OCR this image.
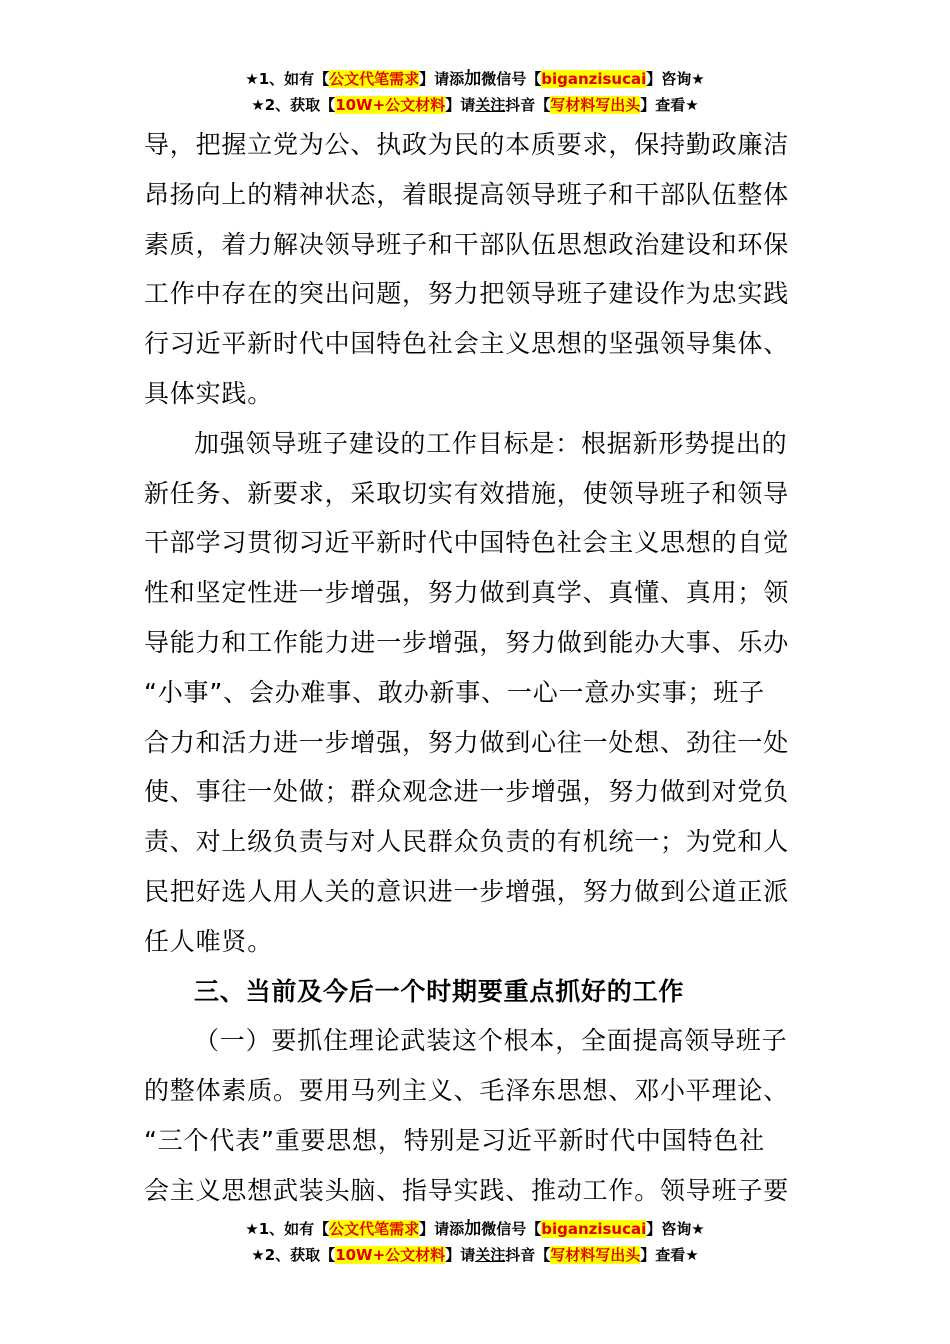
★1、如有【公文代笔需求】请添加微信号【biganzisucai】咨询★
★2、获取【10W+公文材料】请关注抖音【写材料写出头】查看★

导，把握立党为公、执政为民的本质要求，保持勤政廉洁
昂扬向上的精神状态，着眼提高领导班子和干部队伍整体
素质，着力解决领导班子和干部队伍思想政治建设和环保
工作中存在的突出问题，努力把领导班子建设作为忠实践
行习近平新时代中国特色社会主义思想的坚强领导集体、
具体实践。

加强领导班子建设的工作目标是：根据新形势提出的
新任务、新要求，采取切实有效措施，使领导班子和领导
干部学习贯彻习近平新时代中国特色社会主义思想的自觉
性和坚定性进一步增强，努力做到真学、真懂、真用；领
导能力和工作能力进一步增强，努力做到能办大事、乐办
“小事”、会办难事、敢办新事、一心一意办实事；班子
合力和活力进一步增强，努力做到心往一处想、劲往一处
使、事往一处做；群众观念进一步增强，努力做到对党负
责、对上级负责与对人民群众负责的有机统一；为党和人
民把好选人用人关的意识进一步增强，努力做到公道正派
任人唯贤。

三、当前及今后一个时期要重点抓好的工作

（一）要抓住理论武装这个根本，全面提高领导班子
的整体素质。要用马列主义、毛泽东思想、邓小平理论、
“三个代表”重要思想，特别是习近平新时代中国特色社
会主义思想武装头脑、指导实践、推动工作。领导班子要

★1、如有【公文代笔需求】请添加微信号【biganzisucai】咨询★
★2、获取【10W+公文材料】请关注抖音【写材料写出头】查看★
